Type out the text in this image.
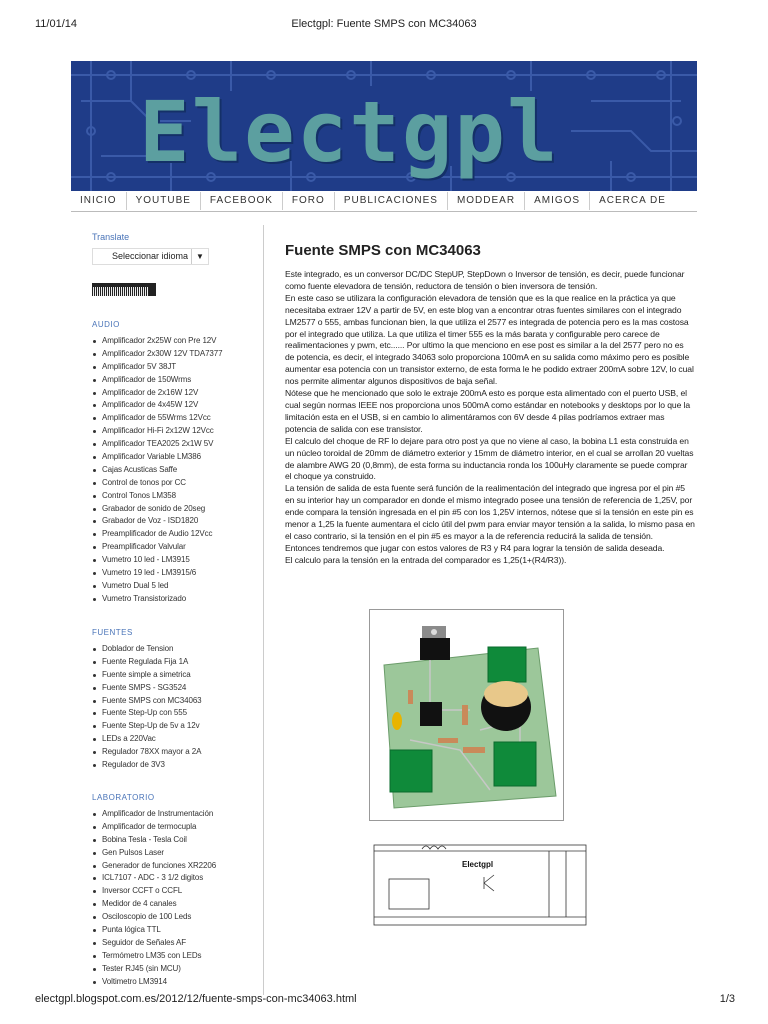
11/01/14	Electgpl: Fuente SMPS con MC34063
Electgpl
INICIO	YOUTUBE	FACEBOOK	FORO	PUBLICACIONES	MODDEAR	AMIGOS	ACERCA DE
Translate
Seleccionar idioma ▼
AUDIO
Amplificador 2x25W con Pre 12V
Amplificador 2x30W 12V TDA7377
Amplificador 5V 38JT
Amplificador de 150Wrms
Amplificador de 2x16W 12V
Amplificador de 4x45W 12V
Amplificador de 55Wrms 12Vcc
Amplificador Hi-Fi 2x12W 12Vcc
Amplificador TEA2025 2x1W 5V
Amplificador Variable LM386
Cajas Acusticas Saffe
Control de tonos por CC
Control Tonos LM358
Grabador de sonido de 20seg
Grabador de Voz - ISD1820
Preamplificador de Audio 12Vcc
Preamplificador Valvular
Vumetro 10 led - LM3915
Vumetro 19 led - LM3915/6
Vumetro Dual 5 led
Vumetro Transistorizado
FUENTES
Doblador de Tension
Fuente Regulada Fija 1A
Fuente simple a simetrica
Fuente SMPS - SG3524
Fuente SMPS con MC34063
Fuente Step-Up con 555
Fuente Step-Up de 5v a 12v
LEDs a 220Vac
Regulador 78XX mayor a 2A
Regulador de 3V3
LABORATORIO
Amplificador de Instrumentación
Amplificador de termocupla
Bobina Tesla - Tesla Coil
Gen Pulsos Laser
Generador de funciones XR2206
ICL7107 - ADC - 3 1/2 digitos
Inversor CCFT o CCFL
Medidor de 4 canales
Osciloscopio de 100 Leds
Punta lógica TTL
Seguidor de Señales AF
Termómetro LM35 con LEDs
Tester RJ45 (sin MCU)
Voltimetro LM3914
Fuente SMPS con MC34063

Este integrado, es un conversor DC/DC StepUP, StepDown o Inversor de tensión, es decir, puede funcionar como fuente elevadora de tensión, reductora de tensión o bien inversora de tensión.

En este caso se utilizara la configuración elevadora de tensión que es la que realice en la práctica ya que necesitaba extraer 12V a partir de 5V, en este blog van a encontrar otras fuentes similares con el integrado LM2577 o 555, ambas funcionan bien, la que utiliza el 2577 es integrada de potencia pero es la mas costosa por el integrado que utiliza. La que utiliza el timer 555 es la más barata y configurable pero carece de realimentaciones y pwm, etc...... Por ultimo la que menciono en ese post es similar a la del 2577 pero no es de potencia, es decir, el integrado 34063 solo proporciona 100mA en su salida como máximo pero es posible aumentar esa potencia con un transistor externo, de esta forma le he podido extraer 200mA sobre 12V, lo cual nos permite alimentar algunos dispositivos de baja señal.

Nótese que he mencionado que solo le extraje 200mA esto es porque esta alimentado con el puerto USB, el cual según normas IEEE nos proporciona unos 500mA como estándar en notebooks y desktops por lo que la limitación esta en el USB, si en cambio lo alimentáramos con 6V desde 4 pilas podríamos extraer mas potencia de salida con ese transistor.

El calculo del choque de RF lo dejare para otro post ya que no viene al caso, la bobina L1 esta construida en un núcleo toroidal de 20mm de diámetro exterior y 15mm de diámetro interior, en el cual se arrollan 20 vueltas de alambre AWG 20 (0,8mm), de esta forma su inductancia ronda los 100uHy claramente se puede comprar el choque ya construido.

La tensión de salida de esta fuente será función de la realimentación del integrado que ingresa por el pin #5 en su interior hay un comparador en donde el mismo integrado posee una tensión de referencia de 1,25V, por ende compara la tensión ingresada en el pin #5 con los 1,25V internos, nótese que si la tensión en este pin es menor a 1,25 la fuente aumentara el ciclo útil del pwm para enviar mayor tensión a la salida, lo mismo pasa en el caso contrario, si la tensión en el pin #5 es mayor a la de referencia reducirá la salida de tensión.

Entonces tendremos que jugar con estos valores de R3 y R4 para lograr la tensión de salida deseada.

El calculo para la tensión en la entrada del comparador es 1,25(1+(R4/R3)).

Electgpl
electgpl.blogspot.com.es/2012/12/fuente-smps-con-mc34063.html	1/3
